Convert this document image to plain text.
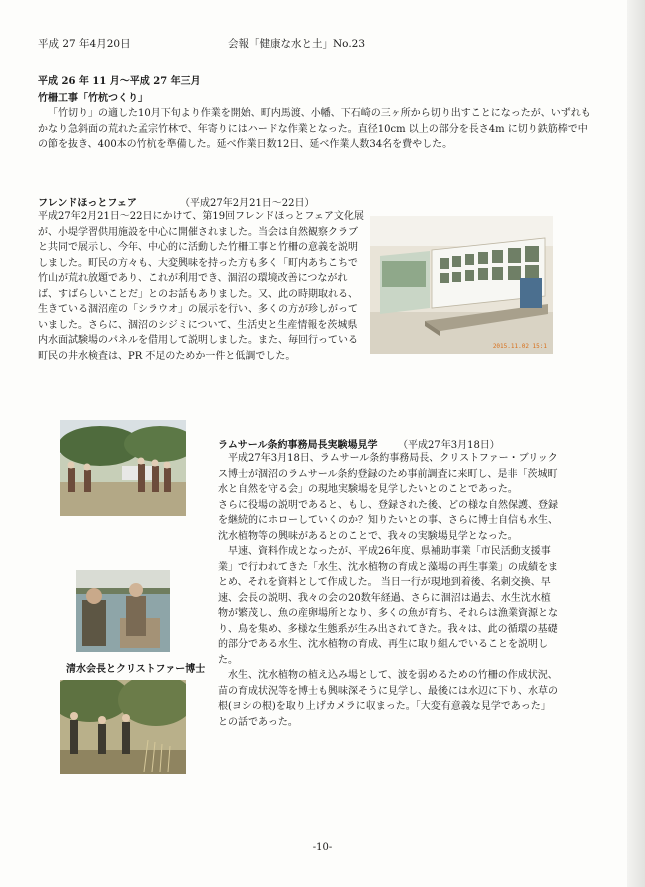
平成 27 年4月20日	会報「健康な水と土」No.23
平成 26 年 11 月～平成 27 年三月
竹柵工事「竹杭つくり」

「竹切り」の適した10月下旬より作業を開始、町内馬渡、小幡、下石崎の三ヶ所から切り出すことになったが、いずれもかなり急斜面の荒れた孟宗竹林で、年寄りにはハードな作業となった。直径10cm 以上の部分を長さ4m に切り鉄筋棒で中の節を抜き、400本の竹杭を準備した。延べ作業日数12日、延べ作業人数34名を費やした。

フレンドほっとフェア	（平成27年2月21日～22日）
平成27年2月21日～22日にかけて、第19回フレンドほっとフェア文化展が、小堤学習供用施設を中心に開催されました。当会は自然観察クラブと共同で展示し、今年、中心的に活動した竹柵工事と竹柵の意義を説明しました。町民の方々も、大変興味を持った方も多く「町内あちこちで竹山が荒れ放題であり、これが利用でき、涸沼の環境改善につながれば、すばらしいことだ」とのお話もありました。又、此の時期取れる、生きている涸沼産の「シラウオ」の展示を行い、多くの方が珍しがっていました。さらに、涸沼のシジミについて、生活史と生産情報を茨城県内水面試験場のパネルを借用して説明しました。また、毎回行っている町民の井水検査は、PR 不足のためか一件と低調でした。
2015.11.02 15:1
清水会長とクリストファー博士
ラムサール条約事務局長実験場見学 （平成27年3月18日）

平成27年3月18日、ラムサール条約事務局長、クリストファー・ブリックス博士が涸沼のラムサール条約登録のため事前調査に来町し、是非「茨城町水と自然を守る会」の現地実験場を見学したいとのことであった。

さらに役場の説明であると、もし、登録された後、どの様な自然保護、登録を継続的にホローしていくのか？知りたいとの事、さらに博士自信も水生、沈水植物等の興味があるとのことで、我々の実験場見学となった。

早速、資料作成となったが、平成26年度、県補助事業「市民活動支援事業」で行われてきた「水生、沈水植物の育成と藻場の再生事業」の成績をまとめ、それを資料として作成した。 当日一行が現地到着後、名刺交換、早速、会長の説明、我々の会の20数年経過、さらに涸沼は過去、水生沈水植物が繁茂し、魚の産卵場所となり、多くの魚が育ち、それらは漁業資源となり、鳥を集め、多様な生態系が生み出されてきた。我々は、此の循環の基礎的部分である水生、沈水植物の育成、再生に取り組んでいることを説明した。

水生、沈水植物の植え込み場として、波を弱めるための竹柵の作成状況、苗の育成状況等を博士も興味深そうに見学し、最後には水辺に下り、水草の根(ヨシの根)を取り上げカメラに収まった。「大変有意義な見学であった」との話であった。

-10-
